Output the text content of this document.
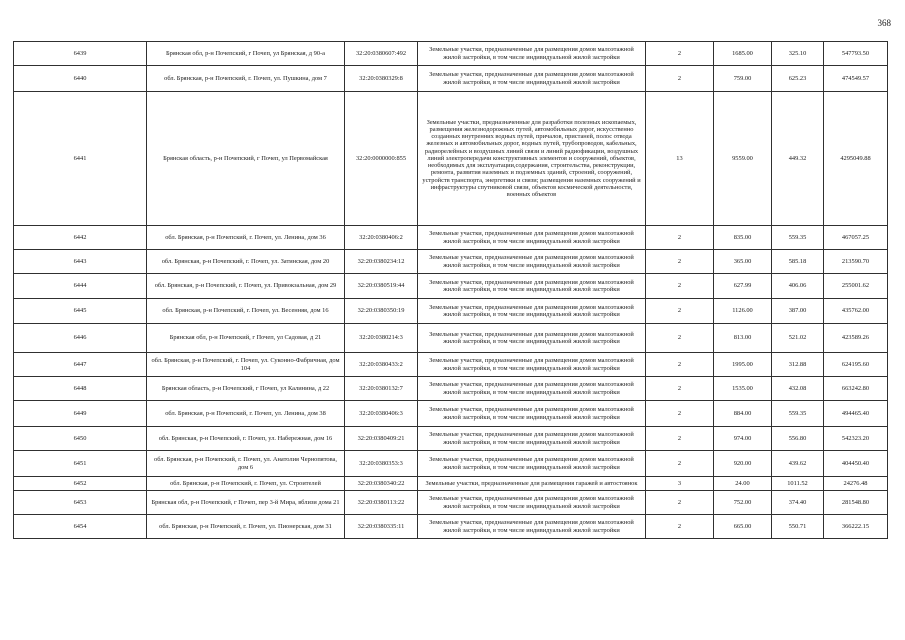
368
6439	Брянская обл, р-н Почепский, г Почеп, ул Брянская, д 90-а	32:20:0380607:492	Земельные участки, предназначенные для размещения домов малоэтажной жилой застройки, в том числе индивидуальной жилой застройки	2	1685.00	325.10	547793.50
6440	обл. Брянская, р-н Почепский, г. Почеп, ул. Пушкина, дом 7	32:20:0380329:8	Земельные участки, предназначенные для размещения домов малоэтажной жилой застройки, в том числе индивидуальной жилой застройки	2	759.00	625.23	474549.57
6441	Брянская область, р-н Почепский, г Почеп, ул Первомайская	32:20:0000000:855	Земельные участки, предназначенные для разработки полезных ископаемых, размещения железнодорожных путей, автомобильных дорог, искусственно созданных внутренних водных путей, причалов, пристаней, полос отвода железных и автомобильных дорог, водных путей, трубопроводов, кабельных, радиорелейных и воздушных линий связи и линий радиофикации, воздушных линий электропередачи конструктивных элементов и сооружений, объектов, необходимых для эксплуатации,содержания, строительства, реконструкции, ремонта, развития наземных и подземных зданий, строений, сооружений, устройств транспорта, энергетики и связи; размещения наземных сооружений и инфраструктуры спутниковой связи, объектов космической деятельности, военных объектов	13	9559.00	449.32	4295049.88
6442	обл. Брянская, р-н Почепский, г. Почеп, ул. Ленина, дом 36	32:20:0380406:2	Земельные участки, предназначенные для размещения домов малоэтажной жилой застройки, в том числе индивидуальной жилой застройки	2	835.00	559.35	467057.25
6443	обл. Брянская, р-н Почепский, г. Почеп, ул. Затинская, дом 20	32:20:0380234:12	Земельные участки, предназначенные для размещения домов малоэтажной жилой застройки, в том числе индивидуальной жилой застройки	2	365.00	585.18	213590.70
6444	обл. Брянская, р-н Почепский, г. Почеп, ул. Привокзальная, дом 29	32:20:0380519:44	Земельные участки, предназначенные для размещения домов малоэтажной жилой застройки, в том числе индивидуальной жилой застройки	2	627.99	406.06	255001.62
6445	обл. Брянская, р-н Почепский, г. Почеп, ул. Весенняя, дом 16	32:20:0380350:19	Земельные участки, предназначенные для размещения домов малоэтажной жилой застройки, в том числе индивидуальной жилой застройки	2	1126.00	387.00	435762.00
6446	Брянская обл, р-н Почепский, г Почеп, ул Садовая, д 21	32:20:0380214:3	Земельные участки, предназначенные для размещения домов малоэтажной жилой застройки, в том числе индивидуальной жилой застройки	2	813.00	521.02	423589.26
6447	обл. Брянская, р-н Почепский, г. Почеп, ул. Суконно-Фабричная, дом 104	32:20:0380433:2	Земельные участки, предназначенные для размещения домов малоэтажной жилой застройки, в том числе индивидуальной жилой застройки	2	1995.00	312.88	624195.60
6448	Брянская область, р-н Почепский, г Почеп, ул Калинина, д 22	32:20:0380132:7	Земельные участки, предназначенные для размещения домов малоэтажной жилой застройки, в том числе индивидуальной жилой застройки	2	1535.00	432.08	663242.80
6449	обл. Брянская, р-н Почепский, г. Почеп, ул. Ленина, дом 38	32:20:0380406:3	Земельные участки, предназначенные для размещения домов малоэтажной жилой застройки, в том числе индивидуальной жилой застройки	2	884.00	559.35	494465.40
6450	обл. Брянская, р-н Почепский, г. Почеп, ул. Набережная, дом 16	32:20:0380409:21	Земельные участки, предназначенные для размещения домов малоэтажной жилой застройки, в том числе индивидуальной жилой застройки	2	974.00	556.80	542323.20
6451	обл. Брянская, р-н Почепский, г. Почеп, ул. Анатолия Чернопятова, дом 6	32:20:0380353:3	Земельные участки, предназначенные для размещения домов малоэтажной жилой застройки, в том числе индивидуальной жилой застройки	2	920.00	439.62	404450.40
6452	обл. Брянская, р-н Почепский, г. Почеп, ул. Строителей	32:20:0380340:22	Земельные участки, предназначенные для размещения гаражей и автостоянок	3	24.00	1011.52	24276.48
6453	Брянская обл, р-н Почепский, г Почеп, пер 3-й Мира, вблизи дома 21	32:20:0380113:22	Земельные участки, предназначенные для размещения домов малоэтажной жилой застройки, в том числе индивидуальной жилой застройки	2	752.00	374.40	281548.80
6454	обл. Брянская, р-н Почепский, г. Почеп, ул. Пионерская, дом 31	32:20:0380335:11	Земельные участки, предназначенные для размещения домов малоэтажной жилой застройки, в том числе индивидуальной жилой застройки	2	665.00	550.71	366222.15
